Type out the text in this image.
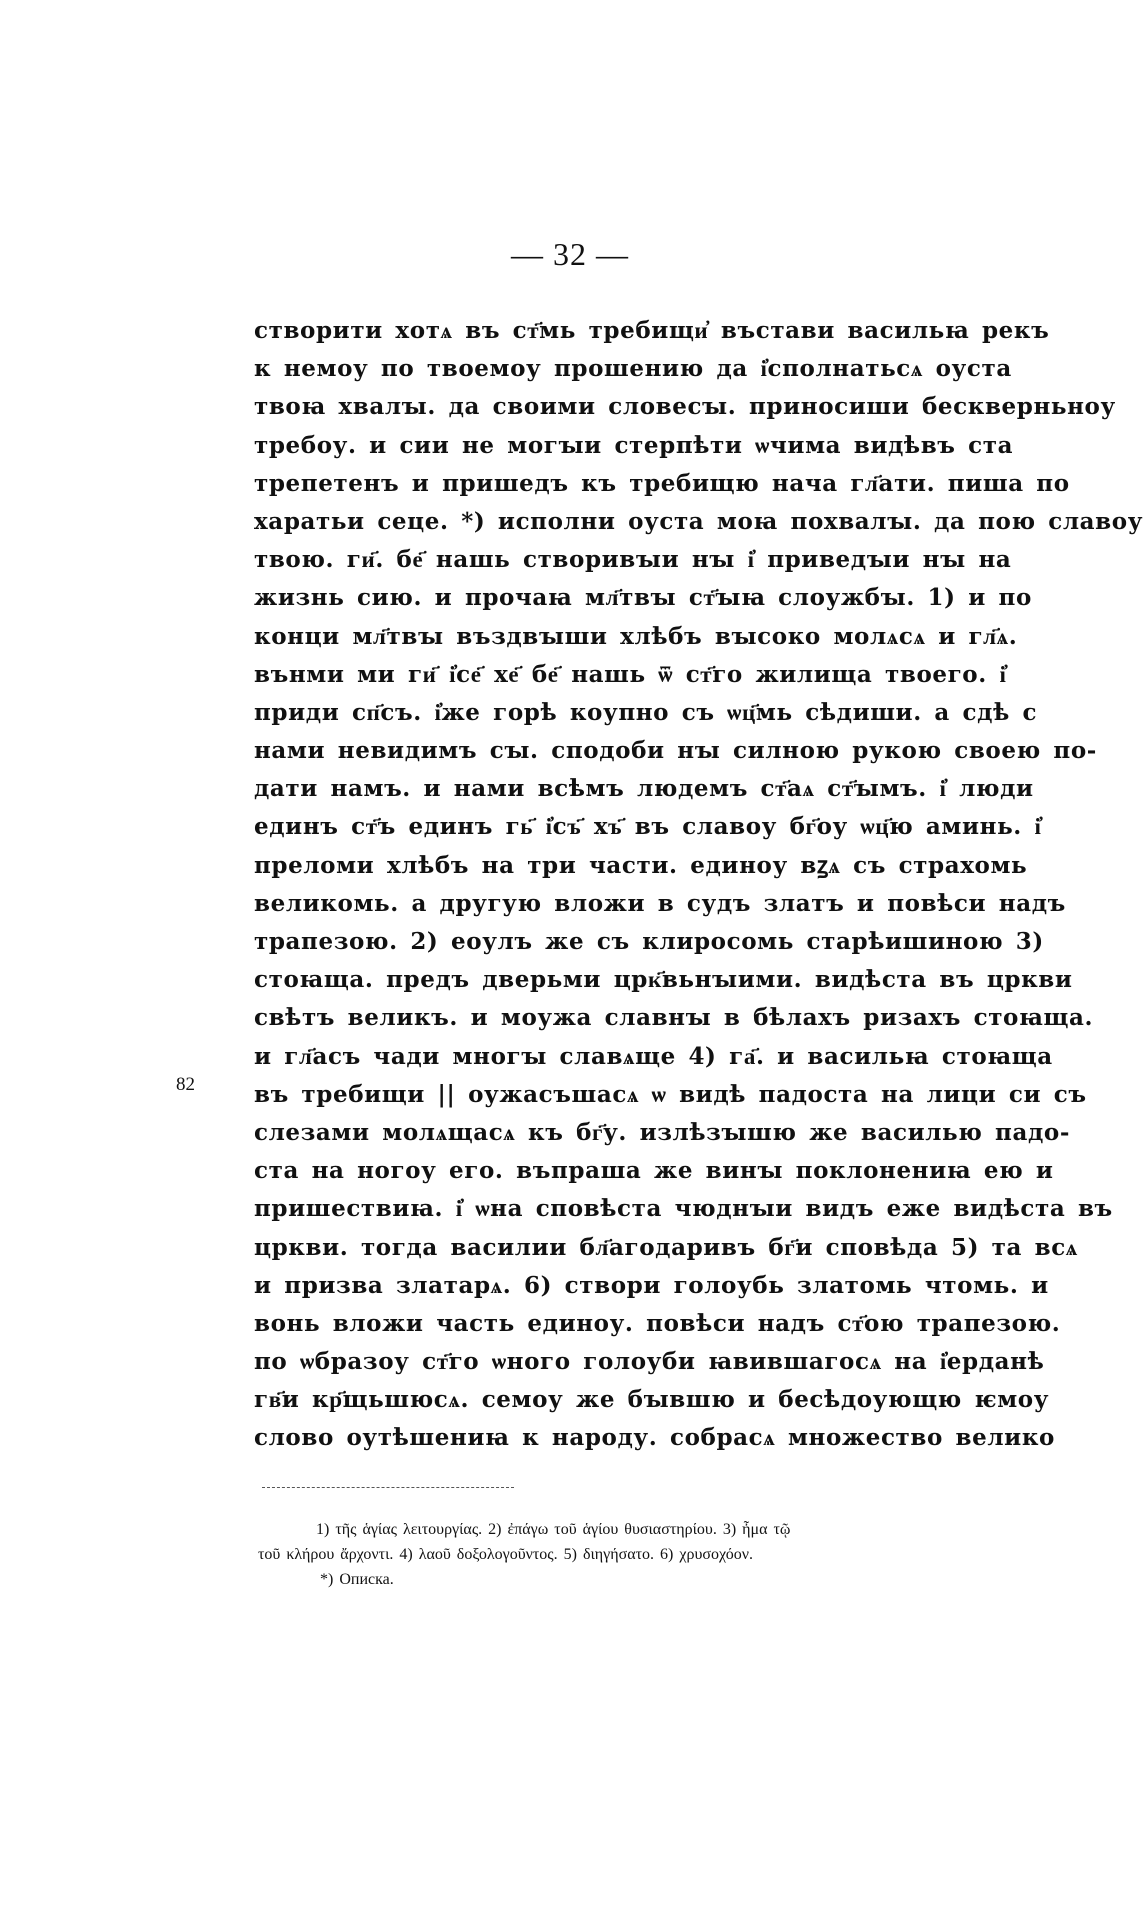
— 32 —
створити хотѧ въ ст҃мь требищи҆ въстави васильꙗ рекъ
к немоу по твоемоу прошению да і҆сполнатьсѧ оуста
твоꙗ хвалꙑ. да своими словесꙑ. приносиши бескверньноу
требоу. и сии не могꙑи стерпѣти ѡчима видѣвъ ста
трепетенъ и пришедъ къ требищю нача гл҃ати. пиша по
харатьи сеце. *) исполни оуста моꙗ похвалꙑ. да пою славоу
твою. ги҃. бе҃ нашь створивꙑи нꙑ і҆ приведꙑи нꙑ на
жизнь сию. и прочаꙗ мл҃твꙑ ст҃ꙑꙗ слоужбꙑ. 1) и по
конци мл҃твꙑ въздвꙑши хлѣбъ вꙑсоко молѧсѧ и гл҃ѧ.
вънми ми ги҃ і҆се҃ хе҃ бе҃ нашь ѿ ст҃го жилища твоего. і҆
приди сп҃съ. і҆же горѣ коупно съ ѡц҃мь сѣдиши. а сдѣ с
нами невидимъ сꙑ. сподоби нꙑ силною рукою своею по-
дати намъ. и нами всѣмъ людемъ ст҃аѧ ст҃ꙑмъ. і҆ люди
единъ ст҃ъ единъ гь҃ і҆съ҃ хъ҃ въ славоу бг҃оу ѡц҃ю аминь. і҆
преломи хлѣбъ на три части. единоу вꙁѧ съ страхомь
великомь. а другую вложи в судъ златъ и повѣси надъ
трапезою. 2) еоулъ же съ клиросомь старѣишиною 3)
стоꙗща. предъ дверьми црк҃вьнꙑими. видѣста въ цркви
свѣтъ великъ. и моужа славнꙑ в бѣлахъ ризахъ стоꙗща.
и гл҃асъ чади многꙑ славѧще 4) га҃. и васильꙗ стоꙗща
въ требищи || оужасъшасѧ ѡ видѣ падоста на лици си съ
слезами молѧщасѧ къ бг҃у. излѣзꙑшю же василью падо-
ста на ногоу его. въпраша же винꙑ поклонениꙗ ею и
пришествиꙗ. і҆ ѡна сповѣста чюднꙑи видъ еже видѣста въ
цркви. тогда василии бл҃агодаривъ бг҃и сповѣда 5) та всѧ
и призва златарѧ. 6) створи голоубь златомь чтомь. и
вонь вложи часть единоу. повѣси надъ ст҃ою трапезою.
по ѡбразоу ст҃го ѡного голоуби ꙗвившагосѧ на і҆ерданѣ
гв҃и кр҃щьшюсѧ. семоу же бꙑвшю и бесѣдоующю ѥмоу
слово оутѣшениꙗ к народу. собрасѧ множество велико
82
1) τῆς ἁγίας λειτουργίας. 2) ἐπάγω τοῦ ἁγίου θυσιαστηρίου. 3) ἦμα τῷ
τοῦ κλήρου ἄρχοντι. 4) λαοῦ δοξολογοῦντος. 5) διηγήσατο. 6) χρυσοχόον.
*) Описка.
